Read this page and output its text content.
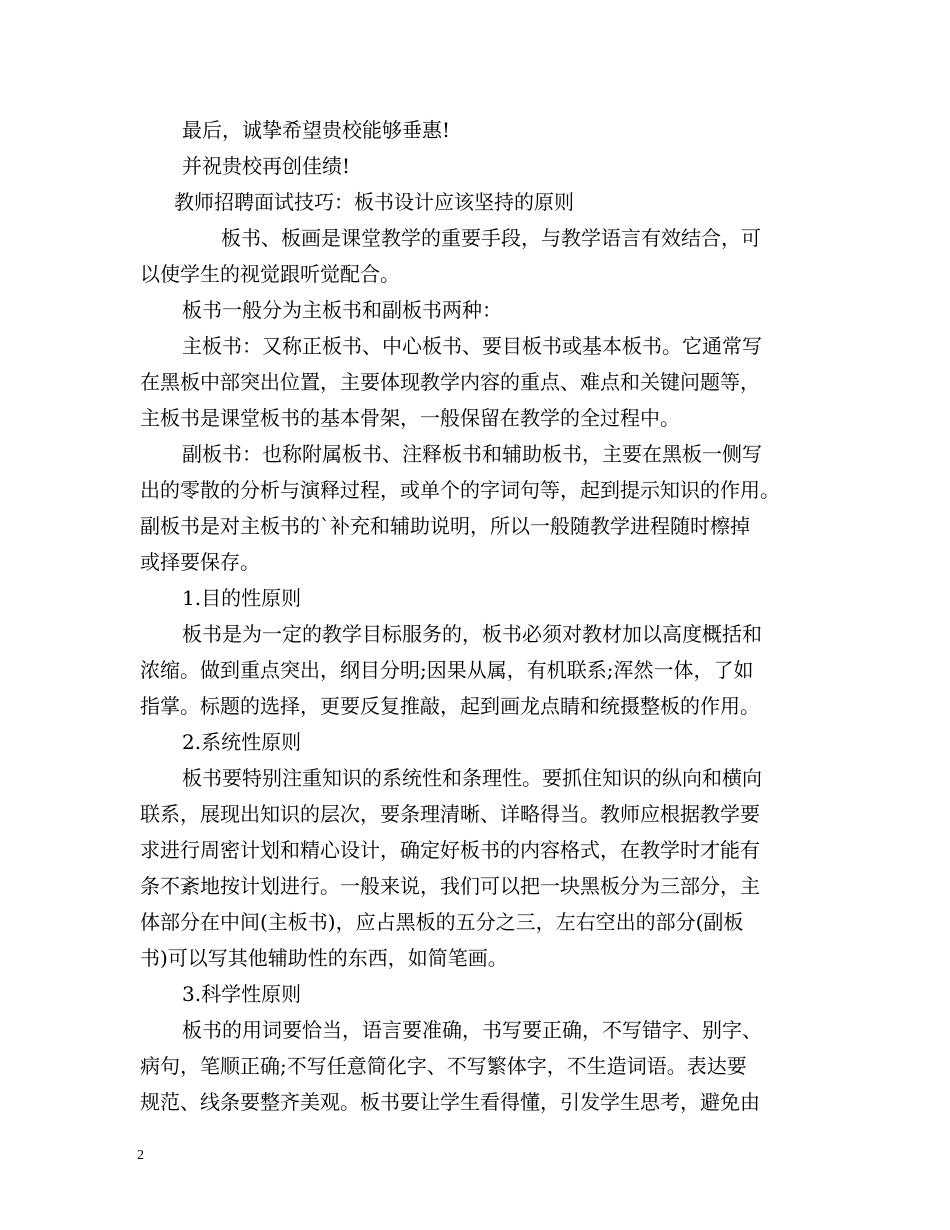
最后，诚挚希望贵校能够垂惠!
并祝贵校再创佳绩!
教师招聘面试技巧：板书设计应该坚持的原则
板书、板画是课堂教学的重要手段，与教学语言有效结合，可
以使学生的视觉跟听觉配合。
板书一般分为主板书和副板书两种：
主板书：又称正板书、中心板书、要目板书或基本板书。它通常写
在黑板中部突出位置，主要体现教学内容的重点、难点和关键问题等，
主板书是课堂板书的基本骨架，一般保留在教学的全过程中。
副板书：也称附属板书、注释板书和辅助板书，主要在黑板一侧写
出的零散的分析与演释过程，或单个的字词句等，起到提示知识的作用。
副板书是对主板书的`补充和辅助说明，所以一般随教学进程随时檫掉
或择要保存。
1.目的性原则
板书是为一定的教学目标服务的，板书必须对教材加以高度概括和
浓缩。做到重点突出，纲目分明;因果从属，有机联系;浑然一体，了如
指掌。标题的选择，更要反复推敲，起到画龙点睛和统摄整板的作用。
2.系统性原则
板书要特别注重知识的系统性和条理性。要抓住知识的纵向和横向
联系，展现出知识的层次，要条理清晰、详略得当。教师应根据教学要
求进行周密计划和精心设计，确定好板书的内容格式，在教学时才能有
条不紊地按计划进行。一般来说，我们可以把一块黑板分为三部分，主
体部分在中间(主板书)，应占黑板的五分之三，左右空出的部分(副板
书)可以写其他辅助性的东西，如简笔画。
3.科学性原则
板书的用词要恰当，语言要准确，书写要正确，不写错字、别字、
病句，笔顺正确;不写任意简化字、不写繁体字，不生造词语。表达要
规范、线条要整齐美观。板书要让学生看得懂，引发学生思考，避免由
2
